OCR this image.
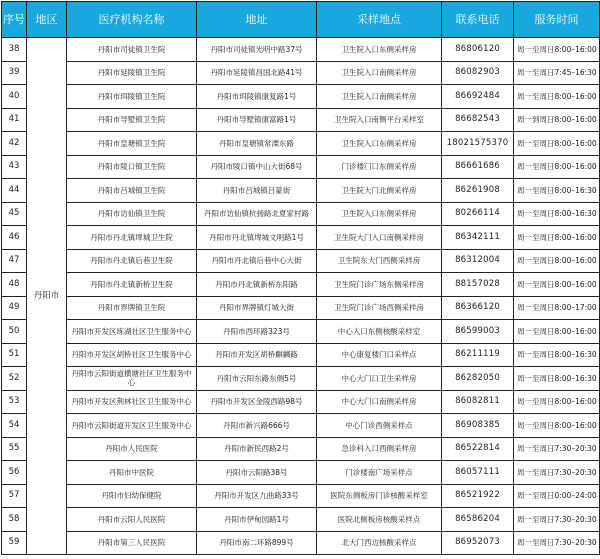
序号	地区	医疗机构名称	地址	采样地点	联系电话	服务时间
38	丹阳市	丹阳市司徒镇卫生院	丹阳市司徒镇光明中路37号	卫生院入口东侧采样房	86806120	周一至周日8:00–16:00
39		丹阳市延陵镇卫生院	丹阳市延陵镇昌国北路41号	卫生院入口南侧采样房	86082903	周一至周日7:45–16:30
40		丹阳市珥陵镇卫生院	丹阳市珥陵镇康复路1号	卫生院入口南侧采样房	86692484	周一至周日8:00–16:00
41		丹阳市导墅镇卫生院	丹阳市导墅镇康富路1号	卫生院入口南侧平台采样室	86682543	周一到周日8:00–16:00
42		丹阳市皇塘镇卫生院	丹阳市皇塘镇常溧东路	卫生院入口东侧采样房	18021575370	周一至周日8:00–16:00
43		丹阳市陵口镇卫生院	丹阳市陵口镇中山大街68号	门诊楼门口东侧采样房	86661686	周一至周日8:00–16:00
44		丹阳市吕城镇卫生院	丹阳市吕城镇吕蒙街	卫生院大门北侧采样房	86261908	周一至周日8:00–16:30
45		丹阳市访仙镇卫生院	丹阳市访仙镇杭扬路北夏家村路	卫生院入口东侧采样房	80266114	周一至周日8:00–16:30
46		丹阳市丹北镇埤城卫生院	丹阳市丹北镇埤城文明路1号	卫生院大门入口南侧采样房	86342111	周一至周日8:00–16:00
47		丹阳市丹北镇后巷卫生院	丹阳市丹北镇后巷中心大街	卫生院东大门西侧采样房	86312004	周一至周日8:00–16:00
48		丹阳市丹北镇新桥卫生院	丹阳市丹北镇新桥东阳路	卫生院门诊广场东侧采样房	88157028	周一至周日8:00–16:00
49		丹阳市界牌镇卫生院	丹阳市界牌镇灯城大街	卫生院门诊广场西侧采样房	86366120	周一至周日8:00–17:00
50		丹阳市开发区练湖社区卫生服务中心	丹阳市西环路323号	中心入口东侧核酸采样室	86599003	周一至周日8:00–16:00
51		丹阳市开发区胡桥社区卫生服务中心	丹阳市开发区胡桥麒麟路	中心康复楼门口采样点	86211119	周一至周日8:00–16:30
52		丹阳市云阳街道横塘社区卫生服务中心	丹阳市云阳东路东侧5号	中心大门口卫生采样房	86282050	周一至周日8:00–16:30
53		丹阳市开发区荆林社区卫生服务中心	丹阳市开发区金陵西路98号	中心大门口南侧采样房	86082811	周一至周日8:00–16:00
54		丹阳市云阳街道开发区卫生服务中心	丹阳市新兴路666号	中心门诊西侧采样点	86908385	周一至周日8:00–16:00
55		丹阳市人民医院	丹阳市新民西路2号	急诊科入口西侧采样房	86522814	周一至周日7:30–20:30
56		丹阳市中医院	丹阳市云阳路38号	门诊楼南广场采样点	86057111	周一至周日7:30–20:30
57		丹阳市妇幼保健院	丹阳市开发区九曲路33号	医院东侧板房门诊核酸采样室	86521922	周一至周日0:00–24:00
58		丹阳市云阳人民医院	丹阳市伊甸园路1号	医院北侧板房核酸采样点	86586204	周一至周日7:30–20:30
59		丹阳市第三人民医院	丹阳市南二环路899号	北大门西边核酸采样点	86952073	周一至周日7:30–20:30
